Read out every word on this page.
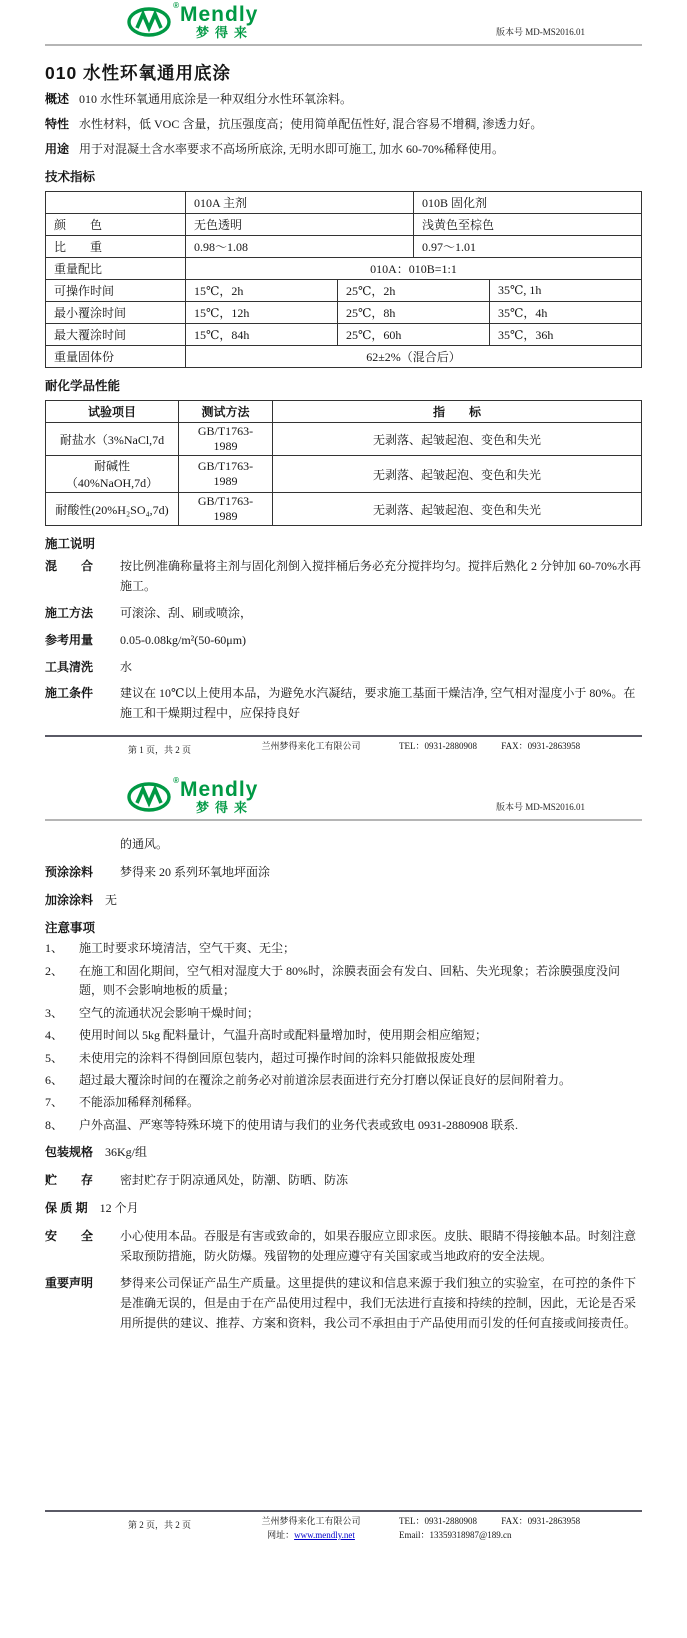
® Mendly
梦得来	版本号 MD-MS2016.01
010 水性环氧通用底涂
概述 010 水性环氧通用底涂是一种双组分水性环氧涂料。
特性 水性材料，低 VOC 含量，抗压强度高；使用简单配伍性好, 混合容易不增稠, 渗透力好。
用途 用于对混凝土含水率要求不高场所底涂, 无明水即可施工, 加水 60-70%稀释使用。
技术指标
	010A 主剂		010B 固化剂	
颜　　色	无色透明		浅黄色至棕色	
比　　重	0.98～1.08		0.97～1.01	
重量配比	010A：010B=1:1			
可操作时间	15℃，2h	25℃，2h		35℃, 1h
最小覆涂时间	15℃，12h	25℃，8h		35℃，4h
最大覆涂时间	15℃，84h	25℃，60h		35℃，36h
重量固体份	62±2%（混合后）			
耐化学品性能
试验项目	测试方法	指　　标
耐盐水（3%NaCl,7d	GB/T1763-1989	无剥落、起皱起泡、变色和失光
耐碱性（40%NaOH,7d）	GB/T1763-1989	无剥落、起皱起泡、变色和失光
耐酸性(20%H₂SO₄,7d)	GB/T1763-1989	无剥落、起皱起泡、变色和失光
施工说明
混　　合	按比例准确称量将主剂与固化剂倒入搅拌桶后务必充分搅拌均匀。搅拌后熟化 2 分钟加 60-70%水再施工。
施工方法	可滚涂、刮、刷或喷涂，
参考用量	0.05-0.08kg/m²(50-60μm)
工具清洗	水
施工条件	建议在 10℃以上使用本品，为避免水汽凝结，要求施工基面干燥洁净, 空气相对湿度小于 80%。在施工和干燥期过程中，应保持良好
第 1 页，共 2 页	兰州梦得来化工有限公司	TEL：0931-2880908	FAX：0931-2863958
® Mendly
梦得来	版本号 MD-MS2016.01
的通风。
预涂涂料	梦得来 20 系列环氧地坪面涂
加涂涂料 无
注意事项
1、	施工时要求环境清洁，空气干爽、无尘；
2、	在施工和固化期间，空气相对湿度大于 80%时，涂膜表面会有发白、回粘、失光现象；若涂膜强度没问题，则不会影响地板的质量；
3、	空气的流通状况会影响干燥时间；
4、	使用时间以 5kg 配料量计，气温升高时或配料量增加时，使用期会相应缩短；
5、	未使用完的涂料不得倒回原包装内，超过可操作时间的涂料只能做报废处理
6、	超过最大覆涂时间的在覆涂之前务必对前道涂层表面进行充分打磨以保证良好的层间附着力。
7、	不能添加稀释剂稀释。
8、	户外高温、严寒等特殊环境下的使用请与我们的业务代表或致电 0931-2880908 联系.
包装规格 36Kg/组
贮　　存	密封贮存于阴凉通风处，防潮、防晒、防冻
保 质 期 12 个月
安　　全	小心使用本品。吞服是有害或致命的，如果吞服应立即求医。皮肤、眼睛不得接触本品。时刻注意采取预防措施，防火防爆。残留物的处理应遵守有关国家或当地政府的安全法规。
重要声明	梦得来公司保证产品生产质量。这里提供的建议和信息来源于我们独立的实验室，在可控的条件下是准确无误的，但是由于在产品使用过程中，我们无法进行直接和持续的控制，因此，无论是否采用所提供的建议、推荐、方案和资料，我公司不承担由于产品使用而引发的任何直接或间接责任。
第 2 页，共 2 页	兰州梦得来化工有限公司
网址：www.mendly.net
TEL：0931-2880908	FAX：0931-2863958
Email：13359318987@189.cn
